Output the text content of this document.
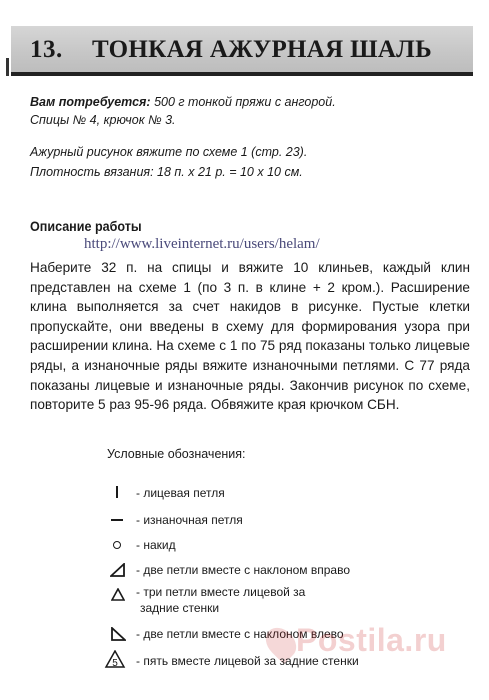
13. ТОНКАЯ АЖУРНАЯ ШАЛЬ
Вам потребуется: 500 г тонкой пряжи с ангорой.
Спицы № 4, крючок № 3.
Ажурный рисунок вяжите по схеме 1 (стр. 23).
Плотность вязания: 18 п. х 21 р. = 10 х 10 см.
Описание работы
http://www.liveinternet.ru/users/helam/
Наберите 32 п. на спицы и вяжите 10 клиньев, каждый клин представлен на схеме 1 (по 3 п. в клине + 2 кром.). Расширение клина выполняется за счет накидов в рисунке. Пустые клетки пропускайте, они введены в схему для формирования узора при расширении клина. На схеме с 1 по 75 ряд показаны только лицевые ряды, а изнаночные ряды вяжите изнаночными петлями. С 77 ряда показаны лицевые и изнаночные ряды. Закончив рисунок по схеме, повторите 5 раз 95-96 ряда. Обвяжите края крючком СБН.
Условные обозначения:
- лицевая петля
- изнаночная петля
- накид
- две петли вместе с наклоном вправо
- три петли вместе лицевой за
задние стенки
- две петли вместе с наклоном влево
Postila.ru
5 - пять вместе лицевой за задние стенки
